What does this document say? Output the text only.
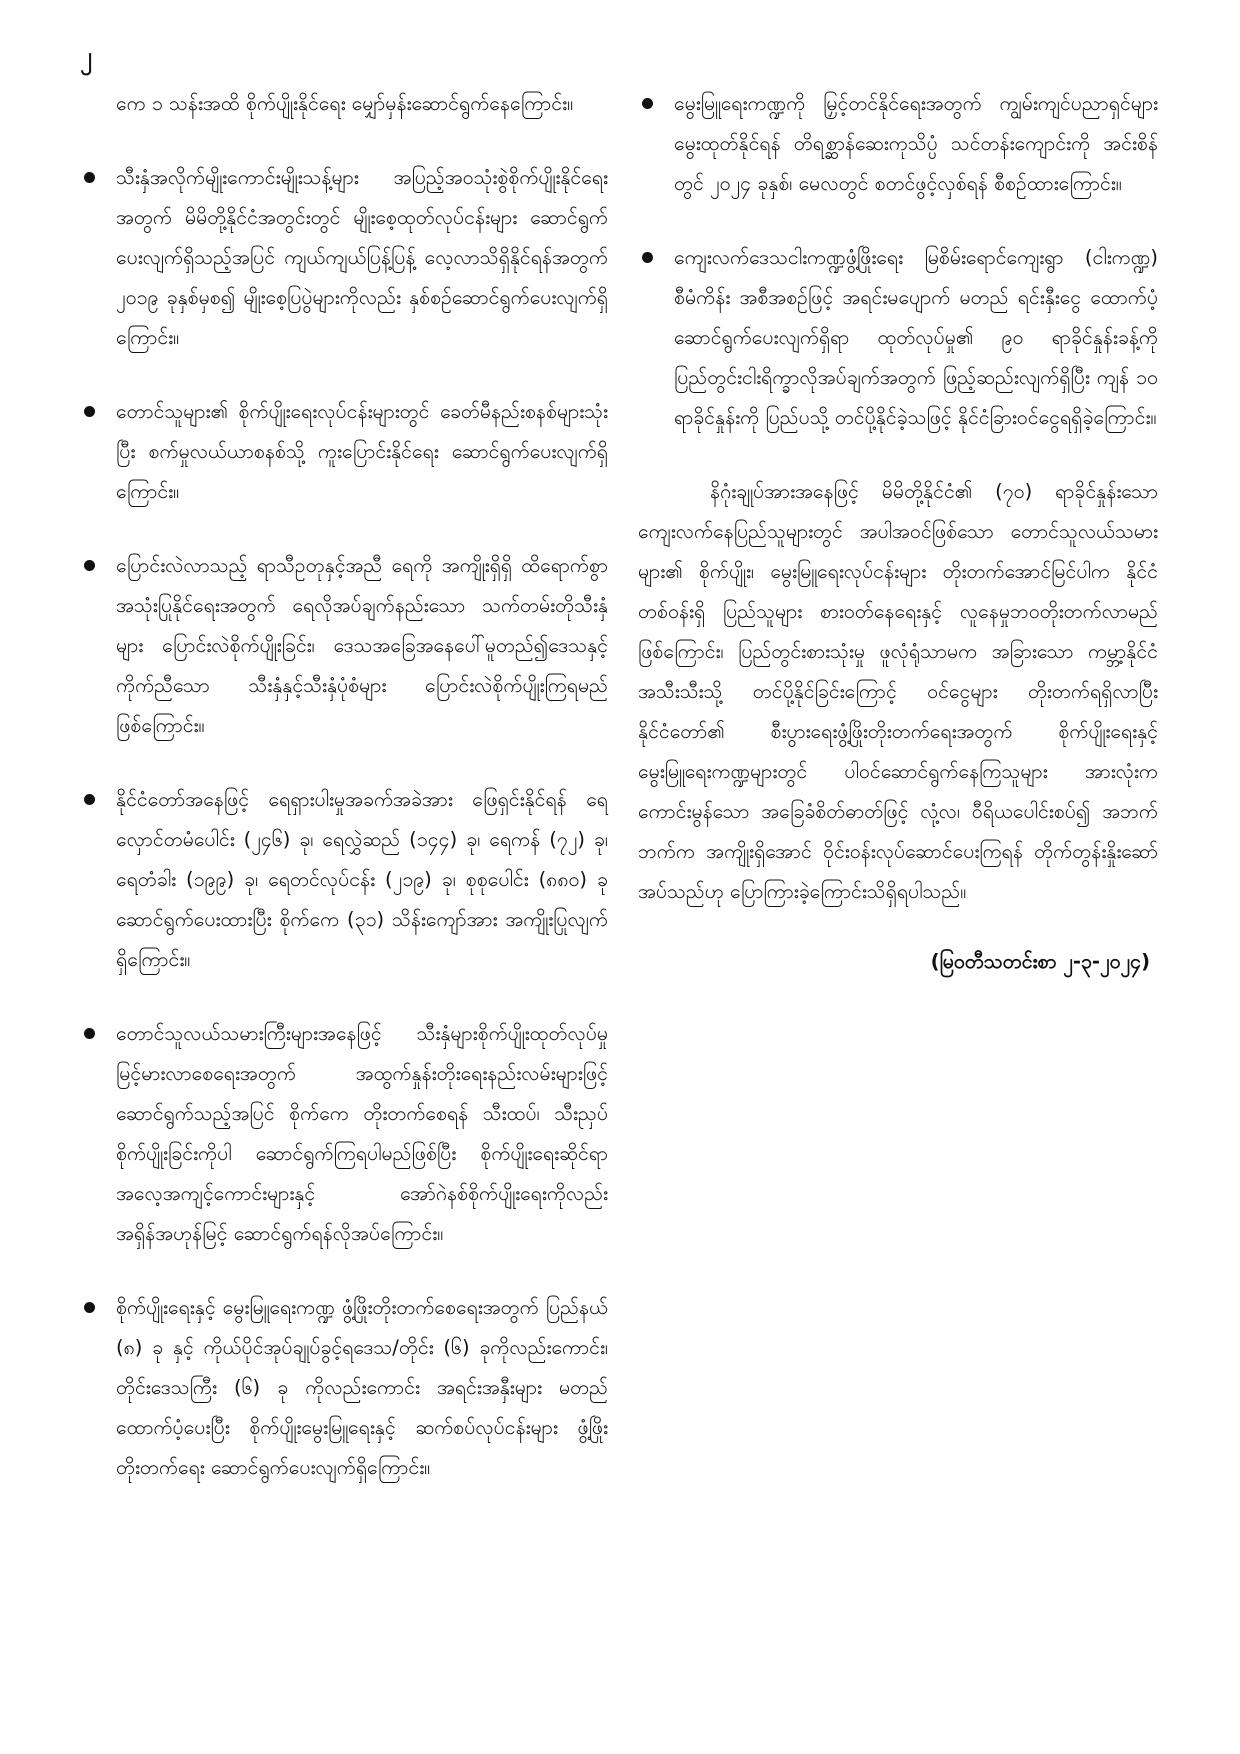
၂
ကေ ၁ သန်းအထိ စိုက်ပျိုးနိုင်ရေး မျှော်မှန်းဆောင်ရွက်နေကြောင်း။
သီးနှံအလိုက်မျိုးကောင်းမျိုးသန့်များ အပြည့်အဝသုံးစွဲစိုက်ပျိုးနိုင်ရေးအတွက် မိမိတို့နိုင်ငံအတွင်းတွင် မျိုးစေ့ထုတ်လုပ်ငန်းများ ဆောင်ရွက်ပေးလျက်ရှိသည့်အပြင် ကျယ်ကျယ်ပြန့်ပြန့် လေ့လာသိရှိနိုင်ရန်အတွက် ၂၀၁၉ ခုနှစ်မှစ၍ မျိုးစေ့ပြပွဲများကိုလည်း နှစ်စဉ်ဆောင်ရွက်ပေးလျက်ရှိကြောင်း။
တောင်သူများ၏ စိုက်ပျိုးရေးလုပ်ငန်းများတွင် ခေတ်မီနည်းစနစ်များသုံးပြီး စက်မှုလယ်ယာစနစ်သို့ ကူးပြောင်းနိုင်ရေး ဆောင်ရွက်ပေးလျက်ရှိကြောင်း။
ပြောင်းလဲလာသည့် ရာသီဥတုနှင့်အညီ ရေကို အကျိုးရှိရှိ ထိရောက်စွာ အသုံးပြုနိုင်ရေးအတွက် ရေလိုအပ်ချက်နည်းသော သက်တမ်းတိုသီးနှံများ ပြောင်းလဲစိုက်ပျိုးခြင်း၊ ဒေသအခြေအနေပေါ်မူတည်၍ဒေသနှင့် ကိုက်ညီသော သီးနှံနှင့်သီးနှံပုံစံများ ပြောင်းလဲစိုက်ပျိုးကြရမည်ဖြစ်ကြောင်း။
နိုင်ငံတော်အနေဖြင့် ရေရှားပါးမှုအခက်အခဲအား ဖြေရှင်းနိုင်ရန် ရေလှောင်တမံပေါင်း (၂၄၆) ခု၊ ရေလွှဲဆည် (၁၄၄) ခု၊ ရေကန် (၇၂) ခု၊ ရေတံခါး (၁၉၉) ခု၊ ရေတင်လုပ်ငန်း (၂၁၉) ခု၊ စုစုပေါင်း (၈၈၀) ခု ဆောင်ရွက်ပေးထားပြီး စိုက်ကေ (၃၁) သိန်းကျော်အား အကျိုးပြုလျက်ရှိကြောင်း။
တောင်သူလယ်သမားကြီးများအနေဖြင့် သီးနှံများစိုက်ပျိုးထုတ်လုပ်မှု မြင့်မားလာစေရေးအတွက် အထွက်နှုန်းတိုးရေးနည်းလမ်းများဖြင့် ဆောင်ရွက်သည့်အပြင် စိုက်ကေ တိုးတက်စေရန် သီးထပ်၊ သီးညှပ်စိုက်ပျိုးခြင်းကိုပါ ဆောင်ရွက်ကြရပါမည်ဖြစ်ပြီး စိုက်ပျိုးရေးဆိုင်ရာ အလေ့အကျင့်ကောင်းများနှင့် အော်ဂဲနစ်စိုက်ပျိုးရေးကိုလည်း အရှိန်အဟုန်မြင့် ဆောင်ရွက်ရန်လိုအပ်ကြောင်း။
စိုက်ပျိုးရေးနှင့် မွေးမြူရေးကဏ္ဍ ဖွံ့ဖြိုးတိုးတက်စေရေးအတွက် ပြည်နယ် (၈) ခု နှင့် ကိုယ်ပိုင်အုပ်ချုပ်ခွင့်ရဒေသ/တိုင်း (၆) ခုကိုလည်းကောင်း၊ တိုင်းဒေသကြီး (၆) ခု ကိုလည်းကောင်း အရင်းအနှီးများ မတည်ထောက်ပံ့ပေးပြီး စိုက်ပျိုးမွေးမြူရေးနှင့် ဆက်စပ်လုပ်ငန်းများ ဖွံ့ဖြိုးတိုးတက်ရေး ဆောင်ရွက်ပေးလျက်ရှိကြောင်း။
မွေးမြူရေးကဏ္ဍကို မြှင့်တင်နိုင်ရေးအတွက် ကျွမ်းကျင်ပညာရှင်များ မွေးထုတ်နိုင်ရန် တိရစ္ဆာန်ဆေးကုသိပ္ပံ သင်တန်းကျောင်းကို အင်းစိန်တွင် ၂၀၂၄ ခုနှစ်၊ မေလတွင် စတင်ဖွင့်လှစ်ရန် စီစဉ်ထားကြောင်း။
ကျေးလက်ဒေသငါးကဏ္ဍဖွံ့ဖြိုးရေး မြစိမ်းရောင်ကျေးရွာ (ငါးကဏ္ဍ) စီမံကိန်း အစီအစဉ်ဖြင့် အရင်းမပျောက် မတည် ရင်းနှီးငွေ ထောက်ပံ့ဆောင်ရွက်ပေးလျက်ရှိရာ ထုတ်လုပ်မှု၏ ၉၀ ရာခိုင်နှုန်းခန့်ကို ပြည်တွင်းငါးရိက္ခာလိုအပ်ချက်အတွက် ဖြည့်ဆည်းလျက်ရှိပြီး ကျန် ၁၀ ရာခိုင်နှုန်းကို ပြည်ပသို့ တင်ပို့နိုင်ခဲ့သဖြင့် နိုင်ငံခြားဝင်ငွေရရှိခဲ့ကြောင်း။
နိဂုံးချုပ်အားအနေဖြင့် မိမိတို့နိုင်ငံ၏ (၇၀) ရာခိုင်နှုန်းသော ကျေးလက်နေပြည်သူများတွင် အပါအဝင်ဖြစ်သော တောင်သူလယ်သမားများ၏ စိုက်ပျိုး၊ မွေးမြူရေးလုပ်ငန်းများ တိုးတက်အောင်မြင်ပါက နိုင်ငံတစ်ဝန်းရှိ ပြည်သူများ စားဝတ်နေရေးနှင့် လူနေမှုဘဝတိုးတက်လာမည်ဖြစ်ကြောင်း၊ ပြည်တွင်းစားသုံးမှု ဖူလုံရုံသာမက အခြားသော ကမ္ဘာ့နိုင်ငံအသီးသီးသို့ တင်ပို့နိုင်ခြင်းကြောင့် ဝင်ငွေများ တိုးတက်ရရှိလာပြီး နိုင်ငံတော်၏ စီးပွားရေးဖွံ့ဖြိုးတိုးတက်ရေးအတွက် စိုက်ပျိုးရေးနှင့် မွေးမြူရေးကဏ္ဍများတွင် ပါဝင်ဆောင်ရွက်နေကြသူများ အားလုံးက ကောင်းမွန်သော အခြေခံစိတ်ဓာတ်ဖြင့် လုံ့လ၊ ဝီရိယပေါင်းစပ်၍ အဘက်ဘက်က အကျိုးရှိအောင် ဝိုင်းဝန်းလုပ်ဆောင်ပေးကြရန် တိုက်တွန်းနှိုးဆော်အပ်သည်ဟု ပြောကြားခဲ့ကြောင်းသိရှိရပါသည်။
(မြဝတီသတင်းစာ ၂-၃-၂၀၂၄)
